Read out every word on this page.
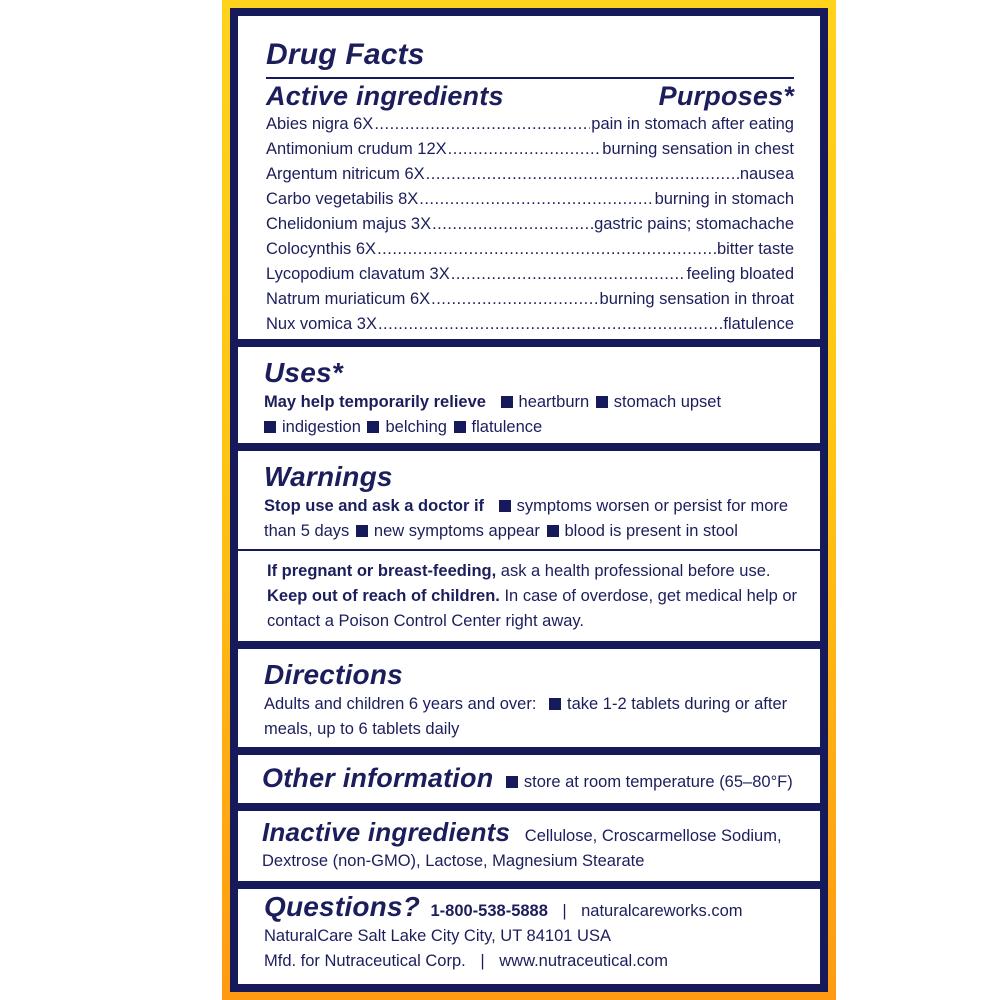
Drug Facts
Active ingredients	Purposes*
Abies nigra 6X .....	pain in stomach after eating
Antimonium crudum 12X .....	burning sensation in chest
Argentum nitricum 6X .....	nausea
Carbo vegetabilis 8X .....	burning in stomach
Chelidonium majus 3X .....	gastric pains; stomachache
Colocynthis 6X .....	bitter taste
Lycopodium clavatum 3X .....	feeling bloated
Natrum muriaticum 6X .....	burning sensation in throat
Nux vomica 3X .....	flatulence
Uses*
May help temporarily relieve heartburn stomach upset
indigestion belching flatulence
Warnings
Stop use and ask a doctor if symptoms worsen or persist for more than 5 days new symptoms appear blood is present in stool
If pregnant or breast-feeding, ask a health professional before use.
Keep out of reach of children. In case of overdose, get medical help or contact a Poison Control Center right away.
Directions
Adults and children 6 years and over: take 1-2 tablets during or after meals, up to 6 tablets daily
Other information store at room temperature (65–80°F)
Inactive ingredients Cellulose, Croscarmellose Sodium, Dextrose (non-GMO), Lactose, Magnesium Stearate
Questions? 1-800-538-5888 | naturalcareworks.com
NaturalCare Salt Lake City City, UT 84101 USA
Mfd. for Nutraceutical Corp. | www.nutraceutical.com
